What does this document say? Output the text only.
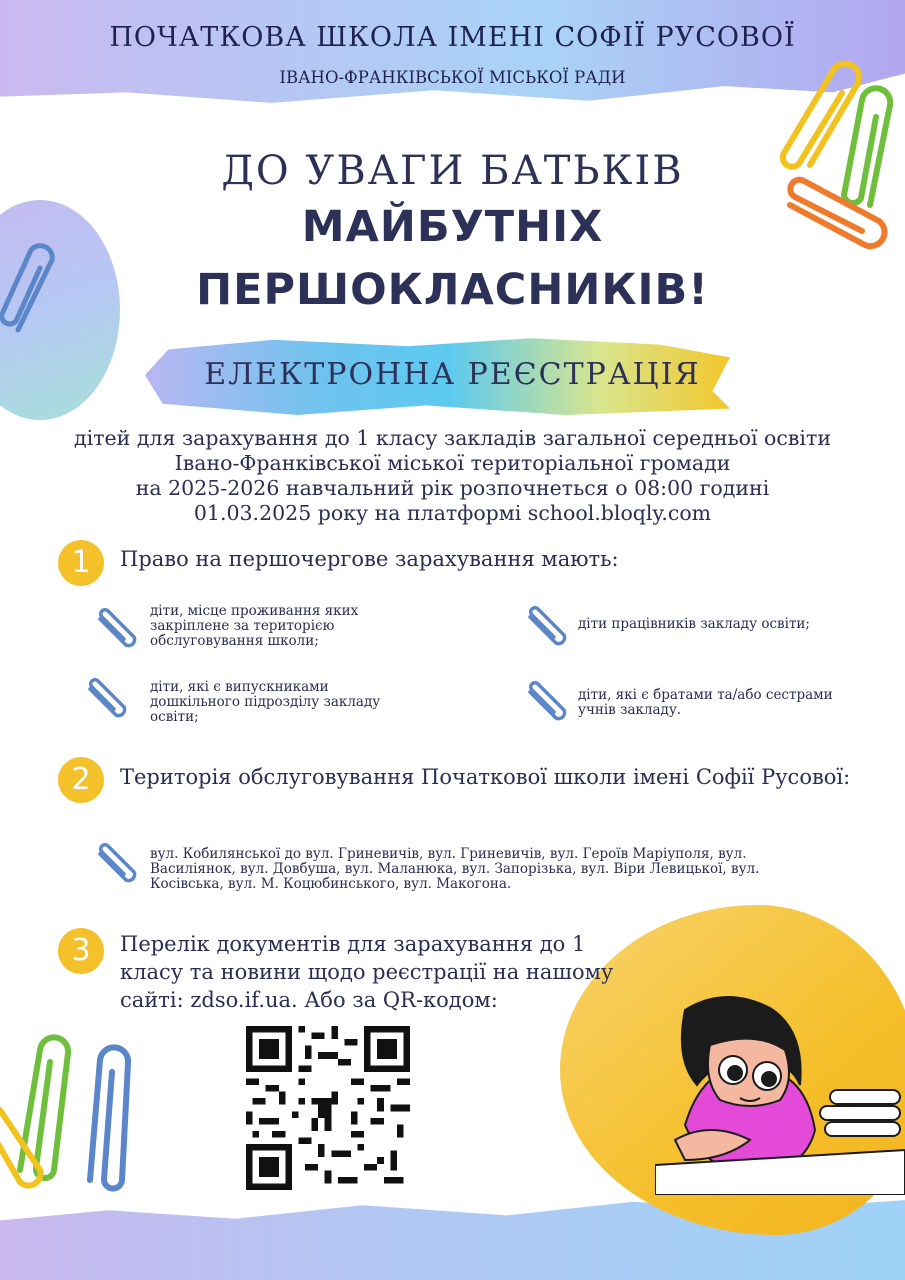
ПОЧАТКОВА ШКОЛА ІМЕНІ СОФІЇ РУСОВОЇ
ІВАНО-ФРАНКІВСЬКОЇ МІСЬКОЇ РАДИ
ДО УВАГИ БАТЬКІВ
МАЙБУТНІХ
ПЕРШОКЛАСНИКІВ!
ЕЛЕКТРОННА РЕЄСТРАЦІЯ
дітей для зарахування до 1 класу закладів загальної середньої освіти
Івано-Франківської міської територіальної громади
на 2025-2026 навчальний рік розпочнеться о 08:00 годині
01.03.2025 року на платформі school.bloqly.com
1	Право на першочергове зарахування мають:
діти, місце проживання яких закріплене за територією обслуговування школи;
діти працівників закладу освіти;
діти, які є випускниками дошкільного підрозділу закладу освіти;
діти, які є братами та/або сестрами учнів закладу.
2	Територія обслуговування Початкової школи імені Софії Русової:
вул. Кобилянської до вул. Гриневичів, вул. Гриневичів, вул. Героїв Маріуполя, вул. Василіянок, вул. Довбуша, вул. Маланюка, вул. Запорізька, вул. Віри Левицької, вул. Косівська, вул. М. Коцюбинського, вул. Макогона.
3	Перелік документів для зарахування до 1
класу та новини щодо реєстрації на нашому
сайті: zdso.if.ua. Або за QR-кодом:
